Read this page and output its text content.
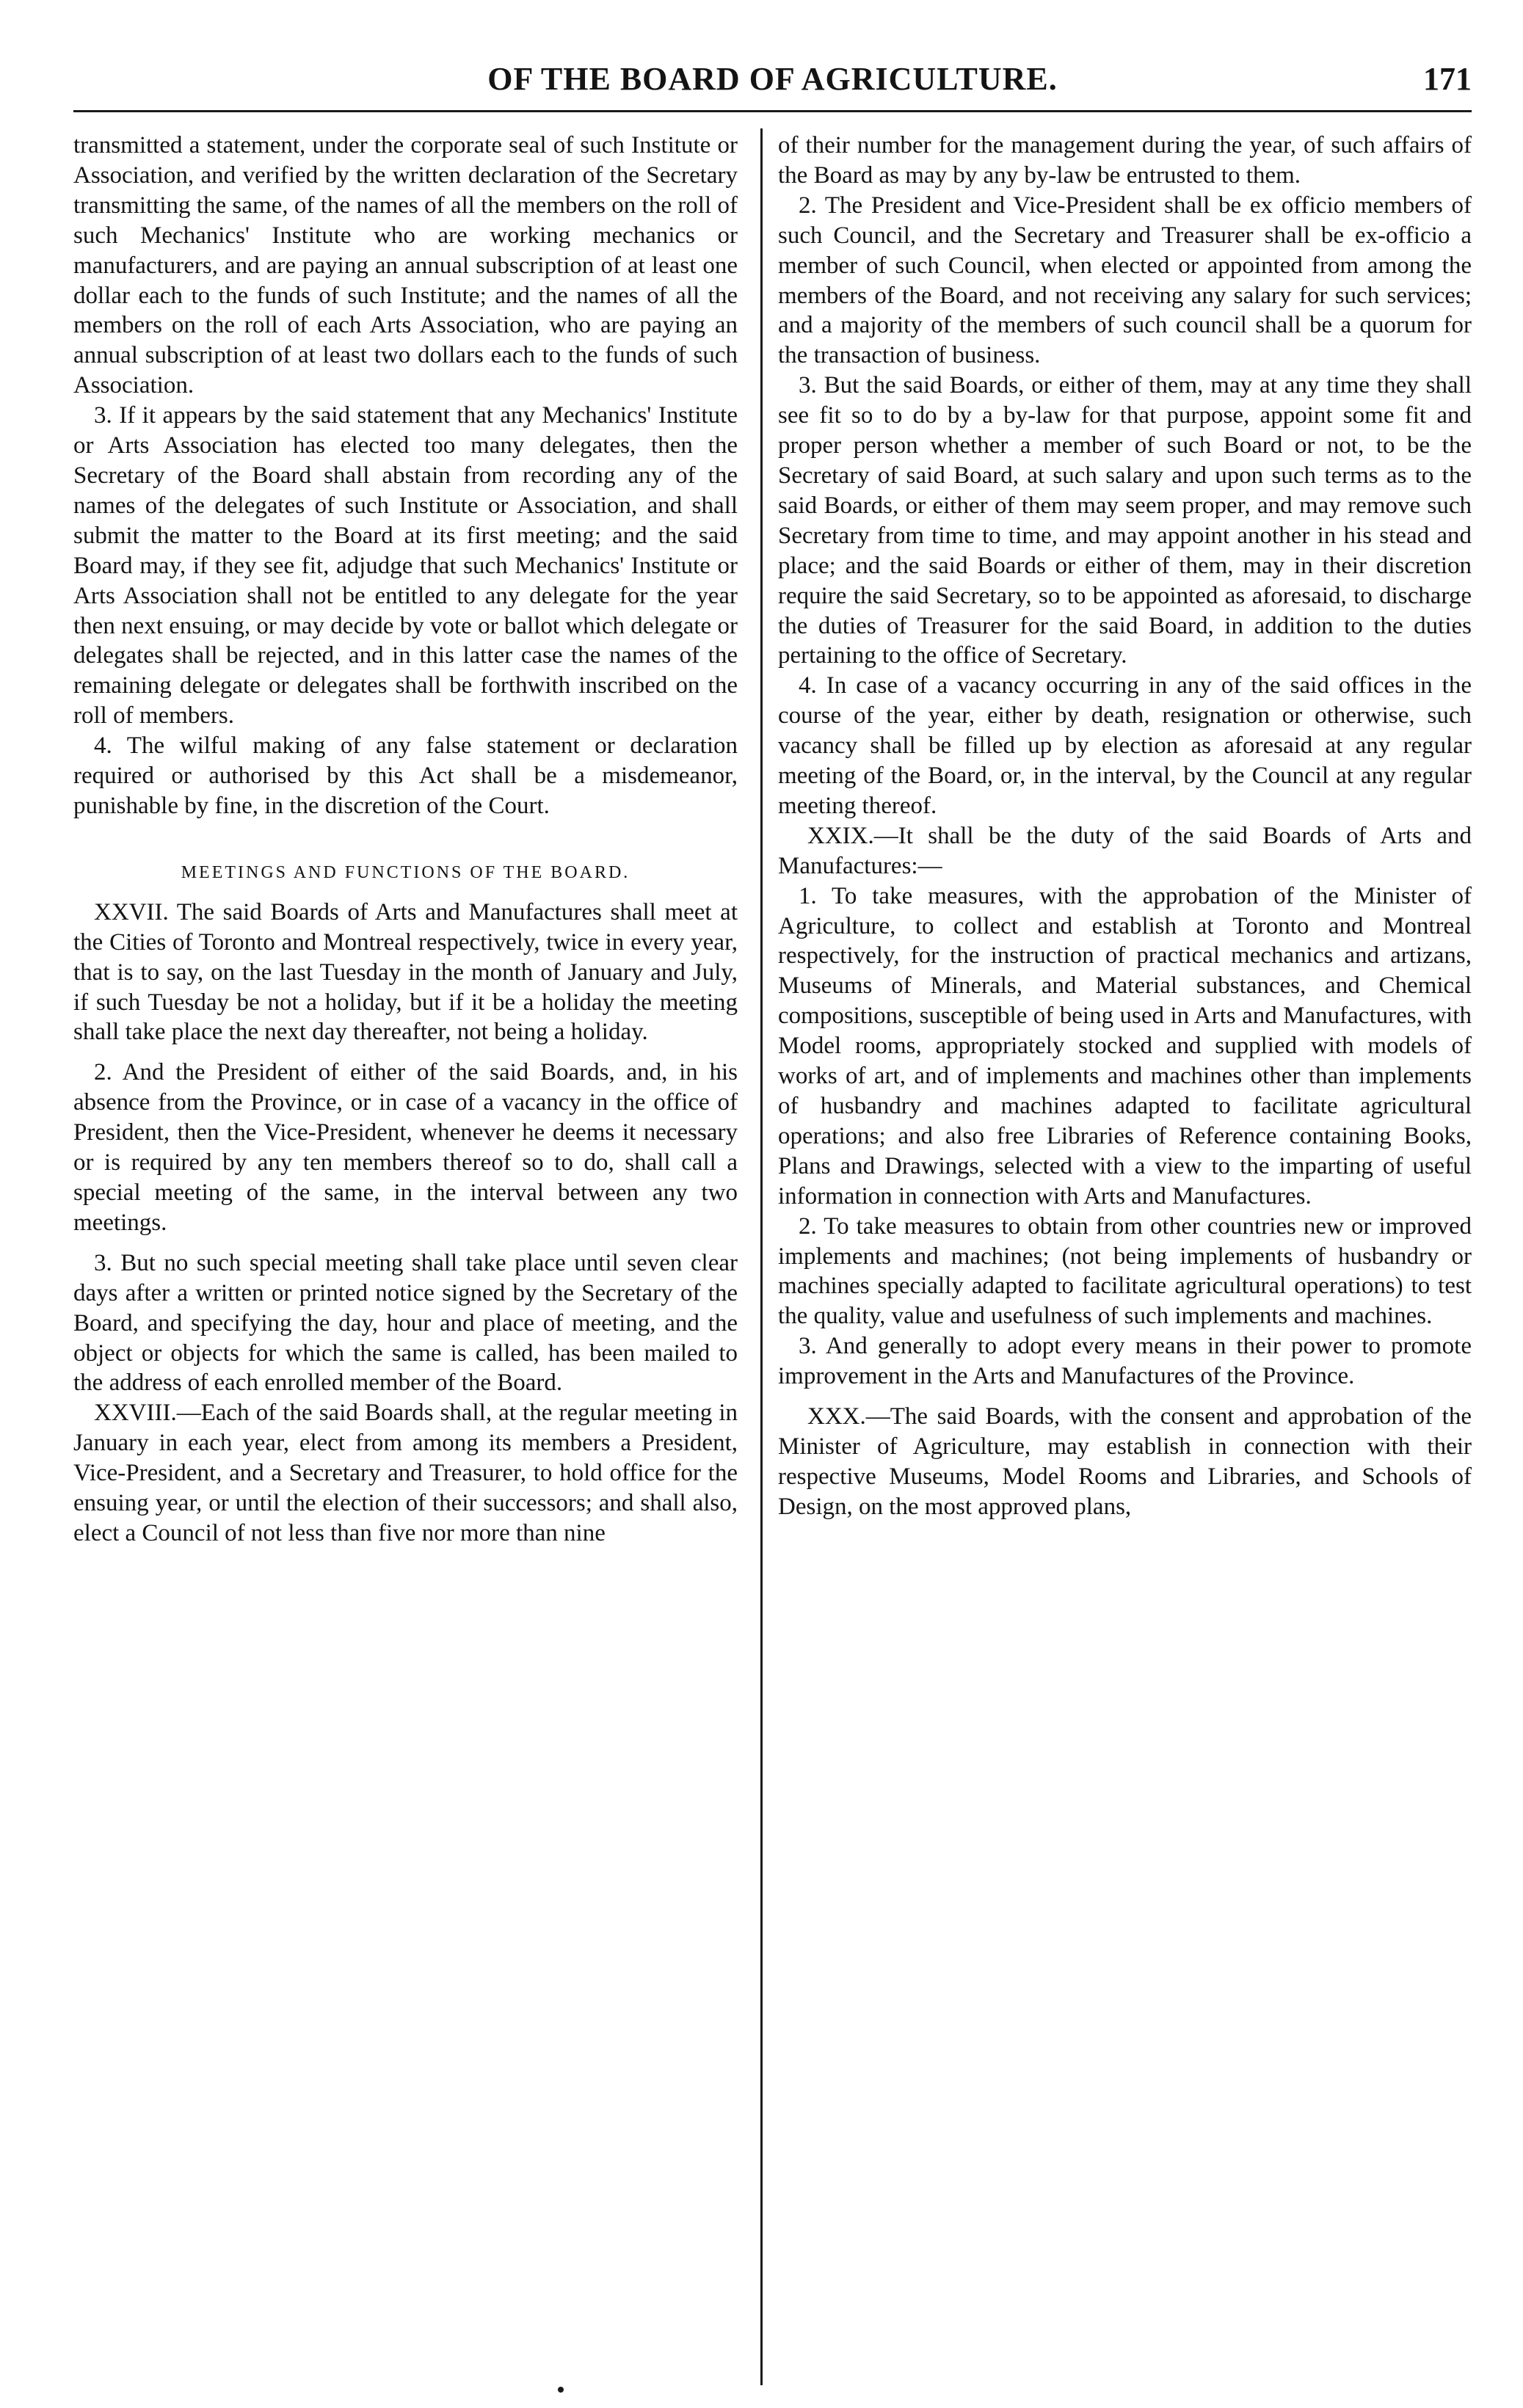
OF THE BOARD OF AGRICULTURE.	171

transmitted a statement, under the corporate seal of such Institute or Association, and verified by the written declaration of the Secretary transmitting the same, of the names of all the members on the roll of such Mechanics' Institute who are working mechanics or manufacturers, and are paying an annual subscription of at least one dollar each to the funds of such Institute; and the names of all the members on the roll of each Arts Association, who are paying an annual subscription of at least two dollars each to the funds of such Association.

3. If it appears by the said statement that any Mechanics' Institute or Arts Association has elected too many delegates, then the Secretary of the Board shall abstain from recording any of the names of the delegates of such Institute or Association, and shall submit the matter to the Board at its first meeting; and the said Board may, if they see fit, adjudge that such Mechanics' Institute or Arts Association shall not be entitled to any delegate for the year then next ensuing, or may decide by vote or ballot which delegate or delegates shall be rejected, and in this latter case the names of the remaining delegate or delegates shall be forthwith inscribed on the roll of members.

4. The wilful making of any false statement or declaration required or authorised by this Act shall be a misdemeanor, punishable by fine, in the discretion of the Court.

MEETINGS AND FUNCTIONS OF THE BOARD.

XXVII. The said Boards of Arts and Manufactures shall meet at the Cities of Toronto and Montreal respectively, twice in every year, that is to say, on the last Tuesday in the month of January and July, if such Tuesday be not a holiday, but if it be a holiday the meeting shall take place the next day thereafter, not being a holiday.

2. And the President of either of the said Boards, and, in his absence from the Province, or in case of a vacancy in the office of President, then the Vice-President, whenever he deems it necessary or is required by any ten members thereof so to do, shall call a special meeting of the same, in the interval between any two meetings.

3. But no such special meeting shall take place until seven clear days after a written or printed notice signed by the Secretary of the Board, and specifying the day, hour and place of meeting, and the object or objects for which the same is called, has been mailed to the address of each enrolled member of the Board.

XXVIII.—Each of the said Boards shall, at the regular meeting in January in each year, elect from among its members a President, Vice-President, and a Secretary and Treasurer, to hold office for the ensuing year, or until the election of their successors; and shall also, elect a Council of not less than five nor more than nine

of their number for the management during the year, of such affairs of the Board as may by any by-law be entrusted to them.

2. The President and Vice-President shall be ex officio members of such Council, and the Secretary and Treasurer shall be ex-officio a member of such Council, when elected or appointed from among the members of the Board, and not receiving any salary for such services; and a majority of the members of such council shall be a quorum for the transaction of business.

3. But the said Boards, or either of them, may at any time they shall see fit so to do by a by-law for that purpose, appoint some fit and proper person whether a member of such Board or not, to be the Secretary of said Board, at such salary and upon such terms as to the said Boards, or either of them may seem proper, and may remove such Secretary from time to time, and may appoint another in his stead and place; and the said Boards or either of them, may in their discretion require the said Secretary, so to be appointed as aforesaid, to discharge the duties of Treasurer for the said Board, in addition to the duties pertaining to the office of Secretary.

4. In case of a vacancy occurring in any of the said offices in the course of the year, either by death, resignation or otherwise, such vacancy shall be filled up by election as aforesaid at any regular meeting of the Board, or, in the interval, by the Council at any regular meeting thereof.

XXIX.—It shall be the duty of the said Boards of Arts and Manufactures:—

1. To take measures, with the approbation of the Minister of Agriculture, to collect and establish at Toronto and Montreal respectively, for the instruction of practical mechanics and artizans, Museums of Minerals, and Material substances, and Chemical compositions, susceptible of being used in Arts and Manufactures, with Model rooms, appropriately stocked and supplied with models of works of art, and of implements and machines other than implements of husbandry and machines adapted to facilitate agricultural operations; and also free Libraries of Reference containing Books, Plans and Drawings, selected with a view to the imparting of useful information in connection with Arts and Manufactures.

2. To take measures to obtain from other countries new or improved implements and machines; (not being implements of husbandry or machines specially adapted to facilitate agricultural operations) to test the quality, value and usefulness of such implements and machines.

3. And generally to adopt every means in their power to promote improvement in the Arts and Manufactures of the Province.

XXX.—The said Boards, with the consent and approbation of the Minister of Agriculture, may establish in connection with their respective Museums, Model Rooms and Libraries, and Schools of Design, on the most approved plans,
